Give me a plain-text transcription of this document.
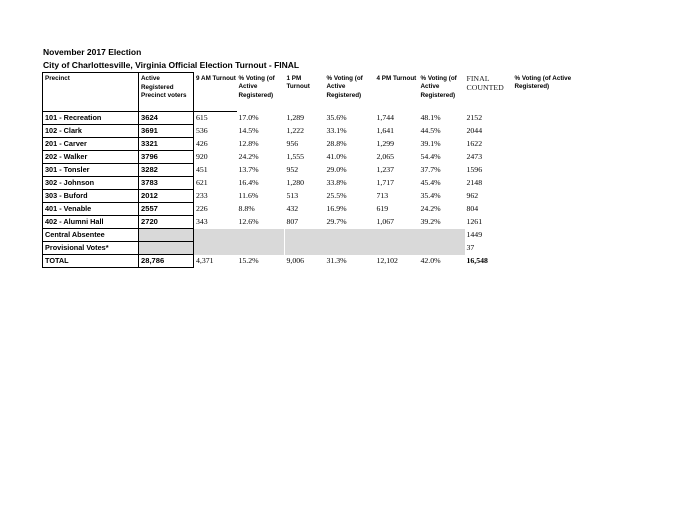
November 2017 Election
City of Charlottesville, Virginia Official Election Turnout - FINAL
Precinct	Active Registered Precinct voters	9 AM Turnout	% Voting (of Active Registered)	1 PM Turnout	% Voting (of Active Registered)	4 PM Turnout	% Voting (of Active Registered)	FINAL COUNTED	% Voting (of Active Registered)
101 - Recreation	3624	615	17.0%	1,289	35.6%	1,744	48.1%	2152	
102 - Clark	3691	536	14.5%	1,222	33.1%	1,641	44.5%	2044	
201 - Carver	3321	426	12.8%	956	28.8%	1,299	39.1%	1622	
202 - Walker	3796	920	24.2%	1,555	41.0%	2,065	54.4%	2473	
301 - Tonsler	3282	451	13.7%	952	29.0%	1,237	37.7%	1596	
302 - Johnson	3783	621	16.4%	1,280	33.8%	1,717	45.4%	2148	
303 - Buford	2012	233	11.6%	513	25.5%	713	35.4%	962	
401 - Venable	2557	226	8.8%	432	16.9%	619	24.2%	804	
402 - Alumni Hall	2720	343	12.6%	807	29.7%	1,067	39.2%	1261	
Central Absentee								1449	
Provisional Votes*								37	
TOTAL	28,786	4,371	15.2%	9,006	31.3%	12,102	42.0%	16,548	
